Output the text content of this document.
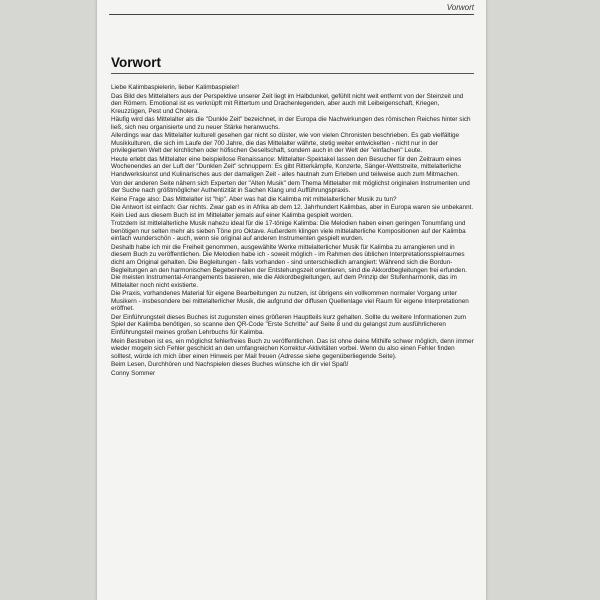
Vorwort
Vorwort

Liebe Kalimbaspielerin, lieber Kalimbaspieler!

Das Bild des Mittelalters aus der Perspektive unserer Zeit liegt im Halbdunkel, gefühlt nicht weit entfernt von der Steinzeit und den Römern. Emotional ist es verknüpft mit Rittertum und Drachenlegenden, aber auch mit Leibeigenschaft, Kriegen, Kreuzzügen, Pest und Cholera.

Häufig wird das Mittelalter als die "Dunkle Zeit" bezeichnet, in der Europa die Nachwirkungen des römischen Reiches hinter sich ließ, sich neu organisierte und zu neuer Stärke heranwuchs.

Allerdings war das Mittelalter kulturell gesehen gar nicht so düster, wie von vielen Chronisten beschrieben. Es gab vielfältige Musikkulturen, die sich im Laufe der 700 Jahre, die das Mittelalter währte, stetig weiter entwickelten - nicht nur in der privilegierten Welt der kirchlichen oder höfischen Gesellschaft, sondern auch in der Welt der "einfachen" Leute.

Heute erlebt das Mittelalter eine beispiellose Renaissance: Mittelalter-Spektakel lassen den Besucher für den Zeitraum eines Wochenendes an der Luft der "Dunklen Zeit" schnuppern: Es gibt Ritterkämpfe, Konzerte, Sänger-Wettstreite, mittelalterliche Handwerkskunst und Kulinarisches aus der damaligen Zeit - alles hautnah zum Erleben und teilweise auch zum Mitmachen.

Von der anderen Seite nähern sich Experten der "Alten Musik" dem Thema Mittelalter mit möglichst originalen Instrumenten und der Suche nach größtmöglicher Authentizität in Sachen Klang und Aufführungspraxis.

Keine Frage also: Das Mittelalter ist "hip". Aber was hat die Kalimba mit mittelalterlicher Musik zu tun?

Die Antwort ist einfach: Gar nichts. Zwar gab es in Afrika ab dem 12. Jahrhundert Kalimbas, aber in Europa waren sie unbekannt. Kein Lied aus diesem Buch ist im Mittelalter jemals auf einer Kalimba gespielt worden.

Trotzdem ist mittelalterliche Musik nahezu ideal für die 17-tönige Kalimba: Die Melodien haben einen geringen Tonumfang und benötigen nur selten mehr als sieben Töne pro Oktave. Außerdem klingen viele mittelalterliche Kompositionen auf der Kalimba einfach wunderschön - auch, wenn sie original auf anderen Instrumenten gespielt wurden.

Deshalb habe ich mir die Freiheit genommen, ausgewählte Werke mittelalterlicher Musik für Kalimba zu arrangieren und in diesem Buch zu veröffentlichen. Die Melodien habe ich - soweit möglich - im Rahmen des üblichen Interpretationsspielraumes dicht am Original gehalten. Die Begleitungen - falls vorhanden - sind unterschiedlich arrangiert: Während sich die Bordun-Begleitungen an den harmonischen Begebenheiten der Entstehungszeit orientieren, sind die Akkordbegleitungen frei erfunden. Die meisten Instrumental-Arrangements basieren, wie die Akkordbegleitungen, auf dem Prinzip der Stufenharmonik, das im Mittelalter noch nicht existierte.

Die Praxis, vorhandenes Material für eigene Bearbeitungen zu nutzen, ist übrigens ein vollkommen normaler Vorgang unter Musikern - insbesondere bei mittelalterlicher Musik, die aufgrund der diffusen Quellenlage viel Raum für eigene Interpretationen eröffnet.

Der Einführungsteil dieses Buches ist zugunsten eines größeren Hauptteils kurz gehalten. Sollte du weitere Informationen zum Spiel der Kalimba benötigen, so scanne den QR-Code "Erste Schritte" auf Seite 8 und du gelangst zum ausführlicheren Einführungsteil meines großen Lehrbuchs für Kalimba.

Mein Bestreben ist es, ein möglichst fehlerfreies Buch zu veröffentlichen. Das ist ohne deine Mithilfe schwer möglich, denn immer wieder mogeln sich Fehler geschickt an den umfangreichen Korrektur-Aktivitäten vorbei. Wenn du also einen Fehler finden solltest, würde ich mich über einen Hinweis per Mail freuen (Adresse siehe gegenüberliegende Seite).

Beim Lesen, Durchhören und Nachspielen dieses Buches wünsche ich dir viel Spaß!

Conny Sommer
